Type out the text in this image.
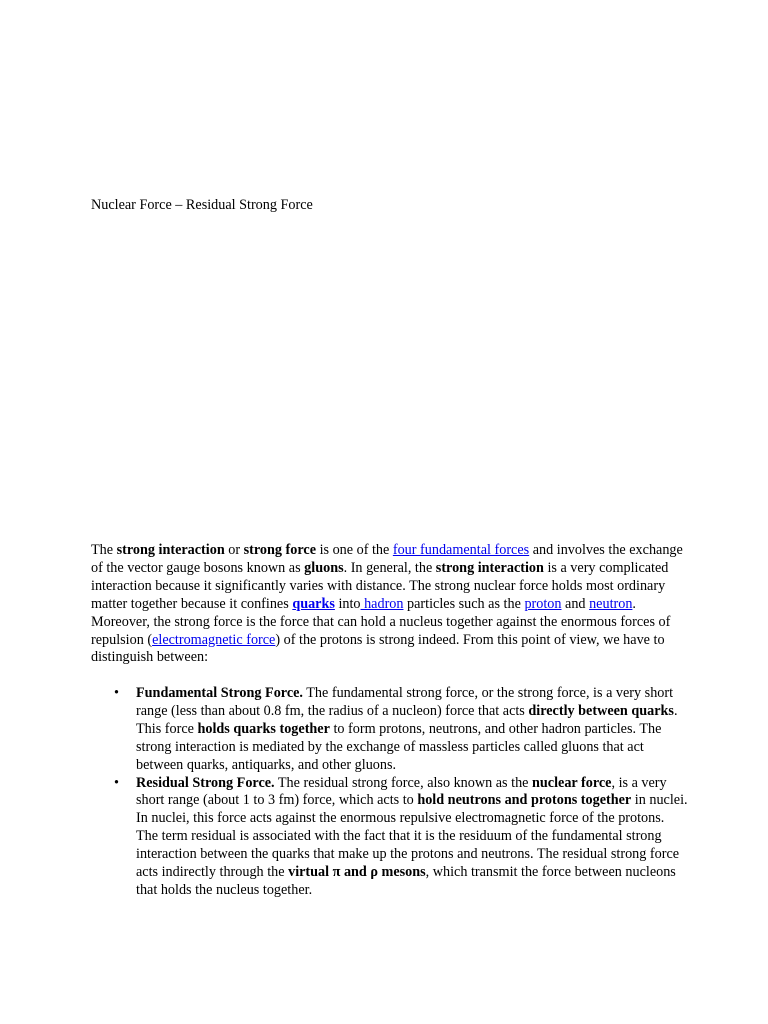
Nuclear Force – Residual Strong Force

The strong interaction or strong force is one of the four fundamental forces and involves the exchange of the vector gauge bosons known as gluons. In general, the strong interaction is a very complicated interaction because it significantly varies with distance. The strong nuclear force holds most ordinary matter together because it confines quarks into hadron particles such as the proton and neutron. Moreover, the strong force is the force that can hold a nucleus together against the enormous forces of repulsion (electromagnetic force) of the protons is strong indeed. From this point of view, we have to distinguish between:

• Fundamental Strong Force. The fundamental strong force, or the strong force, is a very short range (less than about 0.8 fm, the radius of a nucleon) force that acts directly between quarks. This force holds quarks together to form protons, neutrons, and other hadron particles. The strong interaction is mediated by the exchange of massless particles called gluons that act between quarks, antiquarks, and other gluons.
• Residual Strong Force. The residual strong force, also known as the nuclear force, is a very short range (about 1 to 3 fm) force, which acts to hold neutrons and protons together in nuclei. In nuclei, this force acts against the enormous repulsive electromagnetic force of the protons. The term residual is associated with the fact that it is the residuum of the fundamental strong interaction between the quarks that make up the protons and neutrons. The residual strong force acts indirectly through the virtual π and ρ mesons, which transmit the force between nucleons that holds the nucleus together.
